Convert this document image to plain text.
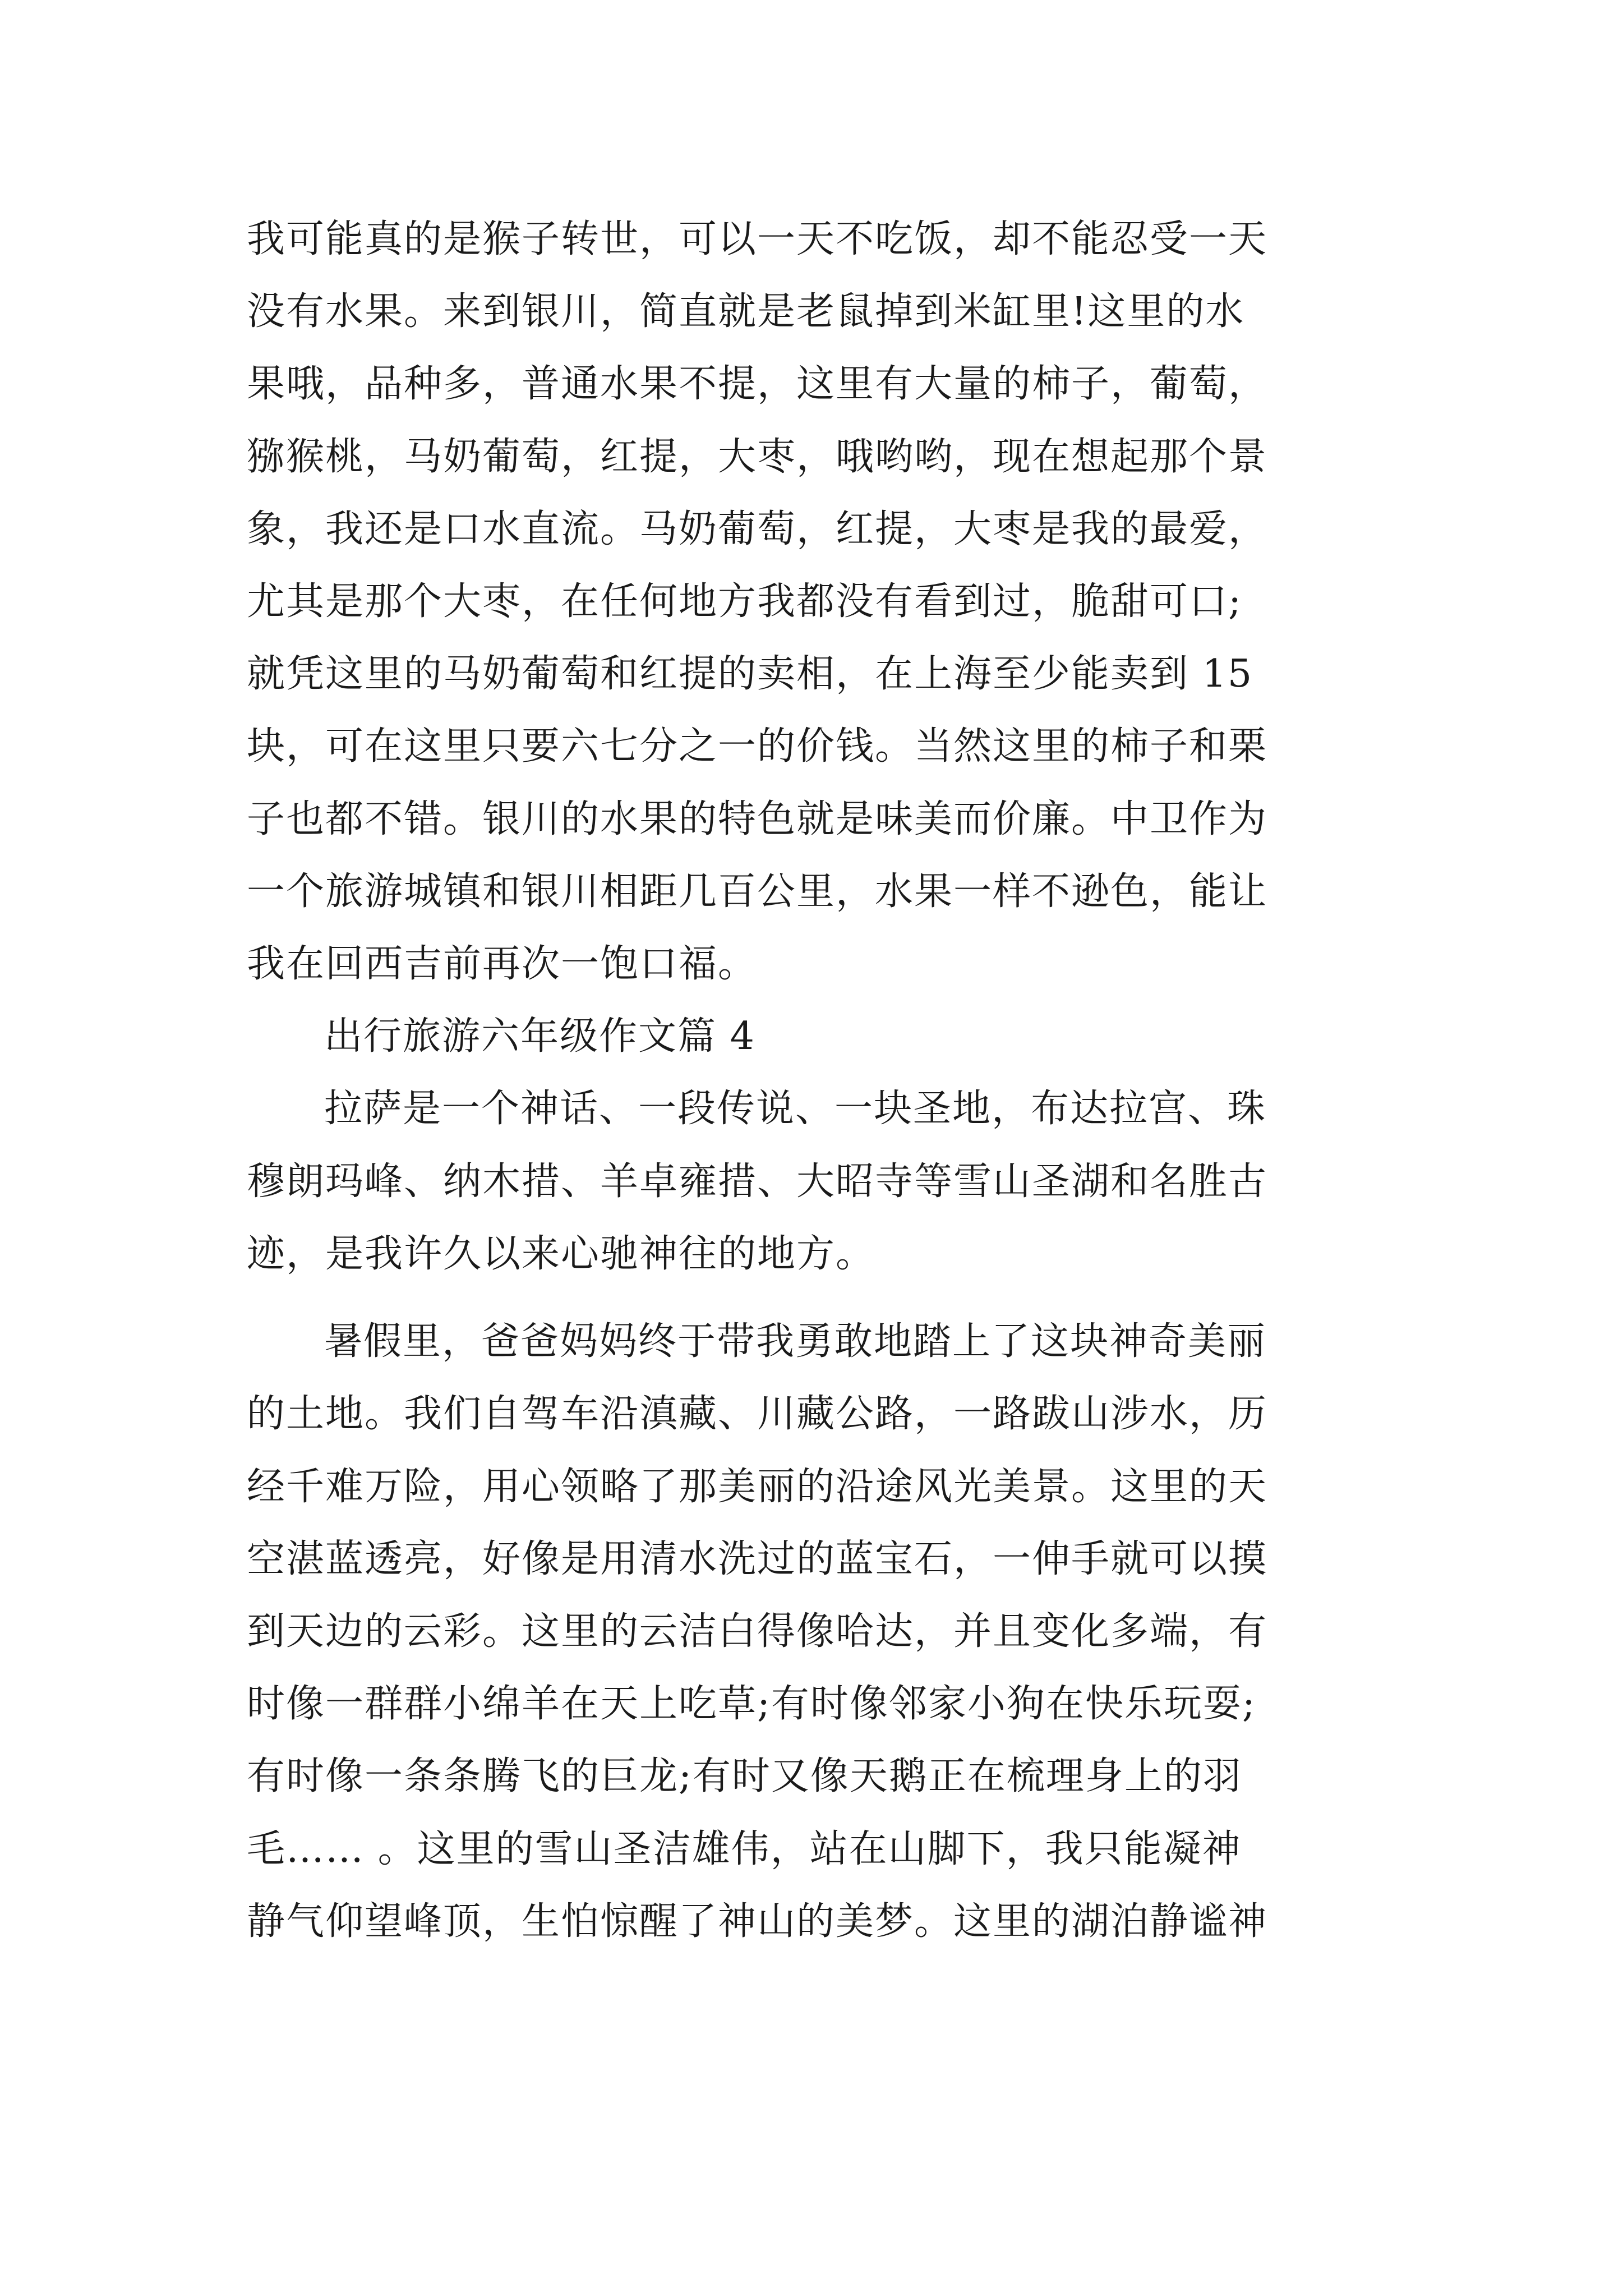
我可能真的是猴子转世，可以一天不吃饭，却不能忍受一天
没有水果。来到银川，简直就是老鼠掉到米缸里!这里的水
果哦，品种多，普通水果不提，这里有大量的柿子，葡萄，
猕猴桃，马奶葡萄，红提，大枣，哦哟哟，现在想起那个景
象，我还是口水直流。马奶葡萄，红提，大枣是我的最爱，
尤其是那个大枣，在任何地方我都没有看到过，脆甜可口;
就凭这里的马奶葡萄和红提的卖相，在上海至少能卖到 15
块，可在这里只要六七分之一的价钱。当然这里的柿子和栗
子也都不错。银川的水果的特色就是味美而价廉。中卫作为
一个旅游城镇和银川相距几百公里，水果一样不逊色，能让
我在回西吉前再次一饱口福。
出行旅游六年级作文篇 4
拉萨是一个神话、一段传说、一块圣地，布达拉宫、珠
穆朗玛峰、纳木措、羊卓雍措、大昭寺等雪山圣湖和名胜古
迹，是我许久以来心驰神往的地方。
暑假里，爸爸妈妈终于带我勇敢地踏上了这块神奇美丽
的土地。我们自驾车沿滇藏、川藏公路，一路跋山涉水，历
经千难万险，用心领略了那美丽的沿途风光美景。这里的天
空湛蓝透亮，好像是用清水洗过的蓝宝石，一伸手就可以摸
到天边的云彩。这里的云洁白得像哈达，并且变化多端，有
时像一群群小绵羊在天上吃草;有时像邻家小狗在快乐玩耍;
有时像一条条腾飞的巨龙;有时又像天鹅正在梳理身上的羽
毛…… 。这里的雪山圣洁雄伟，站在山脚下，我只能凝神
静气仰望峰顶，生怕惊醒了神山的美梦。这里的湖泊静谧神
